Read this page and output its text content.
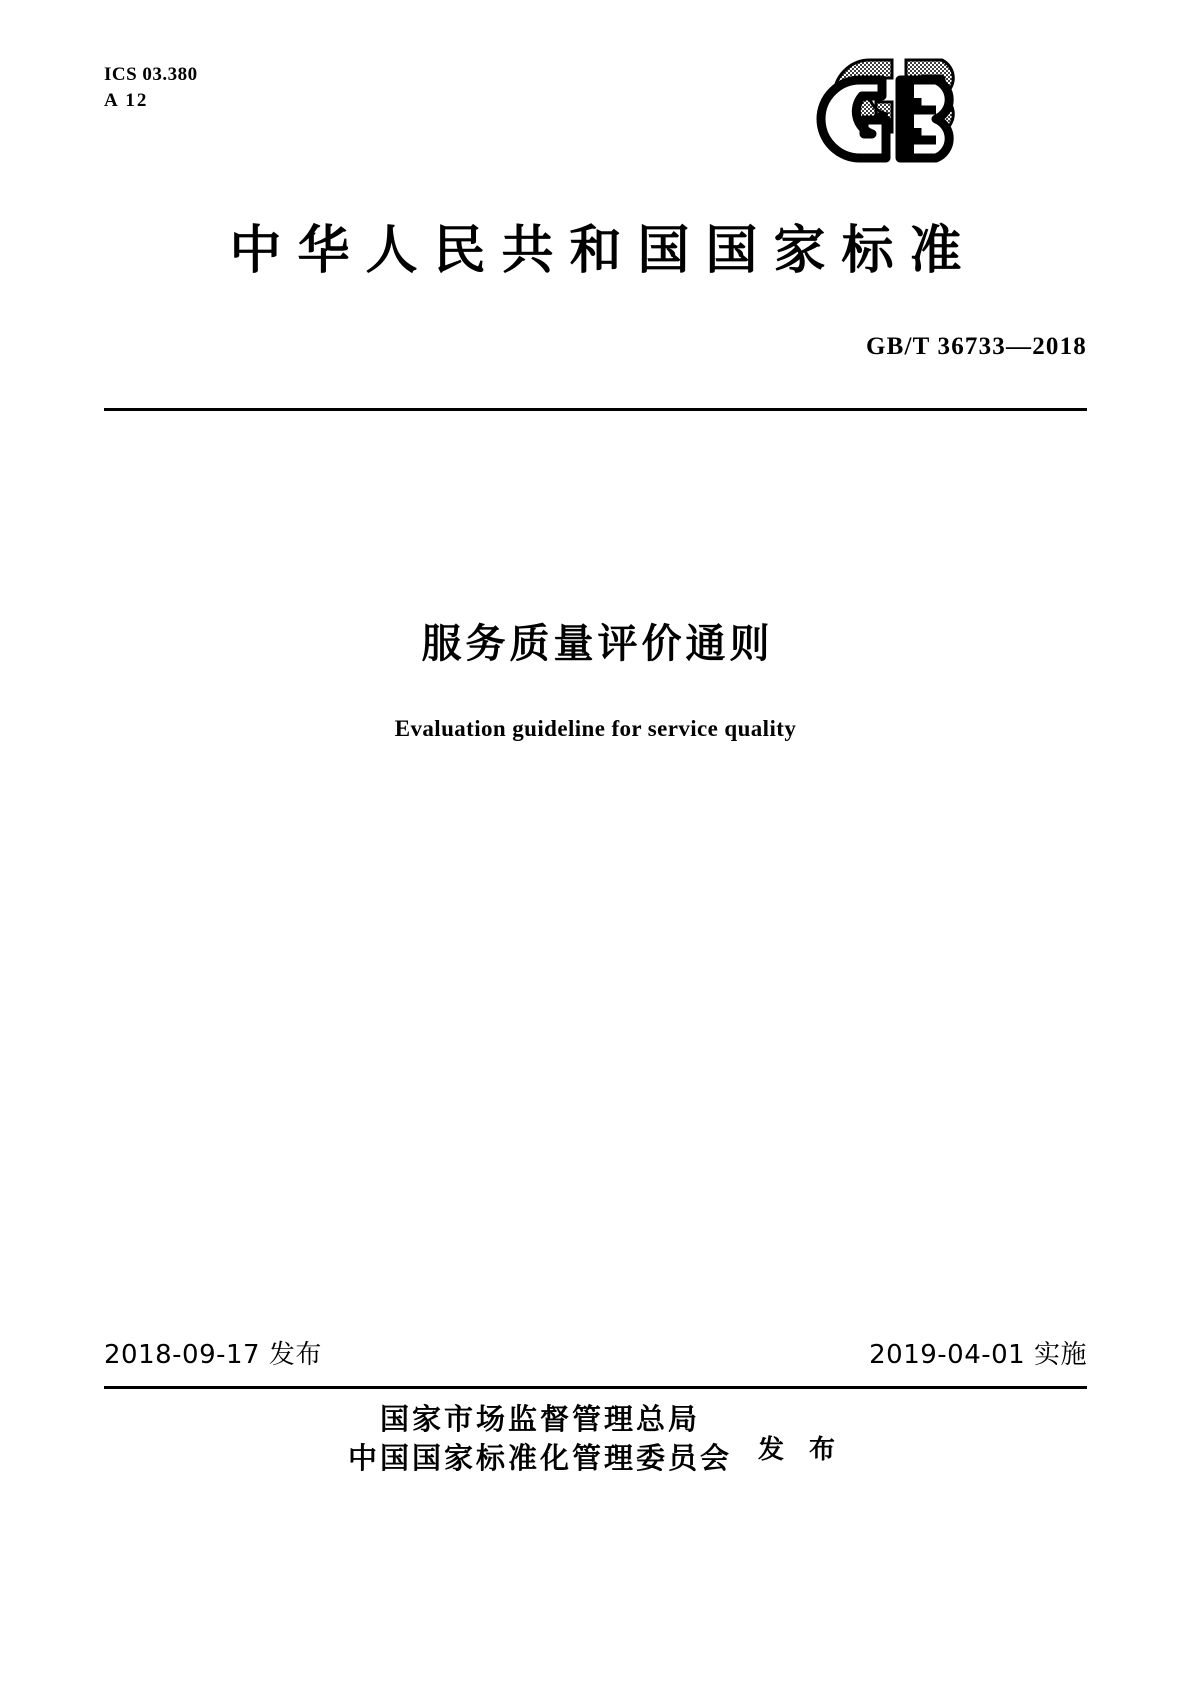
ICS 03.380
A 12
中华人民共和国国家标准
GB/T 36733—2018
服务质量评价通则
Evaluation guideline for service quality
2018-09-17 发布	2019-04-01 实施
国家市场监督管理总局
中国国家标准化管理委员会 发 布
